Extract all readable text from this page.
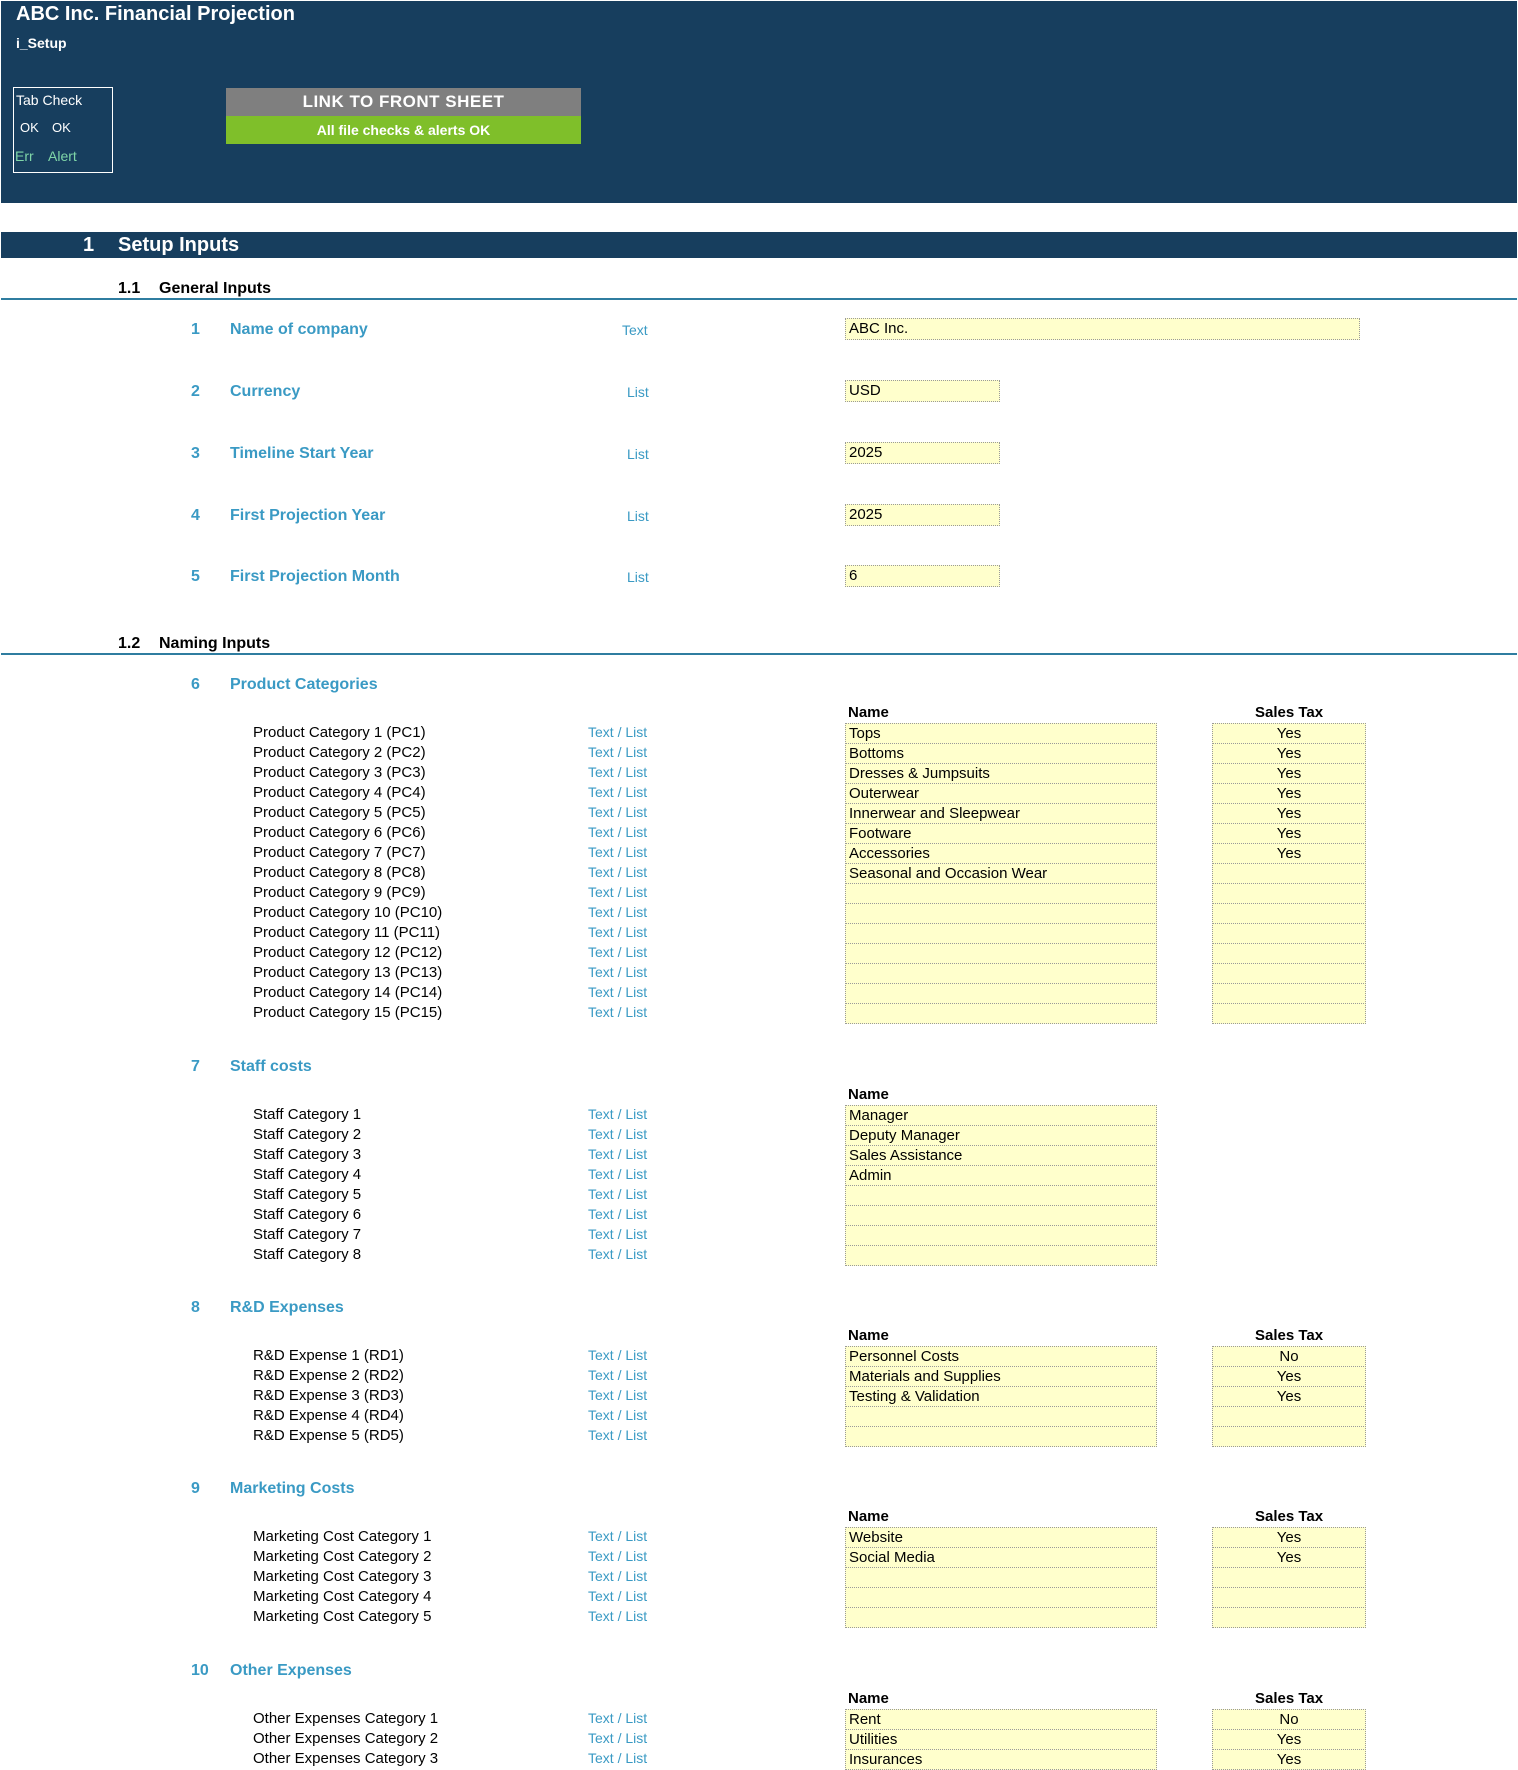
ABC Inc. Financial Projection
i_Setup
Tab Check
OK OK
Err Alert
LINK TO FRONT SHEET
All file checks & alerts OK
1 Setup Inputs
1.1 General Inputs
1 Name of company	Text	ABC Inc.
2 Currency	List	USD
3 Timeline Start Year	List	2025
4 First Projection Year	List	2025
5 First Projection Month	List	6
1.2 Naming Inputs
6 Product Categories
Name	Sales Tax
Product Category 1 (PC1)	Text / List	Tops	Yes
Product Category 2 (PC2)	Text / List	Bottoms	Yes
Product Category 3 (PC3)	Text / List	Dresses & Jumpsuits	Yes
Product Category 4 (PC4)	Text / List	Outerwear	Yes
Product Category 5 (PC5)	Text / List	Innerwear and Sleepwear	Yes
Product Category 6 (PC6)	Text / List	Footware	Yes
Product Category 7 (PC7)	Text / List	Accessories	Yes
Product Category 8 (PC8)	Text / List	Seasonal and Occasion Wear
Product Category 9 (PC9)	Text / List
Product Category 10 (PC10)	Text / List
Product Category 11 (PC11)	Text / List
Product Category 12 (PC12)	Text / List
Product Category 13 (PC13)	Text / List
Product Category 14 (PC14)	Text / List
Product Category 15 (PC15)	Text / List
7 Staff costs
Name
Staff Category 1	Text / List	Manager
Staff Category 2	Text / List	Deputy Manager
Staff Category 3	Text / List	Sales Assistance
Staff Category 4	Text / List	Admin
Staff Category 5	Text / List
Staff Category 6	Text / List
Staff Category 7	Text / List
Staff Category 8	Text / List
8 R&D Expenses
Name	Sales Tax
R&D Expense 1 (RD1)	Text / List	Personnel Costs	No
R&D Expense 2 (RD2)	Text / List	Materials and Supplies	Yes
R&D Expense 3 (RD3)	Text / List	Testing & Validation	Yes
R&D Expense 4 (RD4)	Text / List
R&D Expense 5 (RD5)	Text / List
9 Marketing Costs
Name	Sales Tax
Marketing Cost Category 1	Text / List	Website	Yes
Marketing Cost Category 2	Text / List	Social Media	Yes
Marketing Cost Category 3	Text / List
Marketing Cost Category 4	Text / List
Marketing Cost Category 5	Text / List
10 Other Expenses
Name	Sales Tax
Other Expenses Category 1	Text / List	Rent	No
Other Expenses Category 2	Text / List	Utilities	Yes
Other Expenses Category 3	Text / List	Insurances	Yes
